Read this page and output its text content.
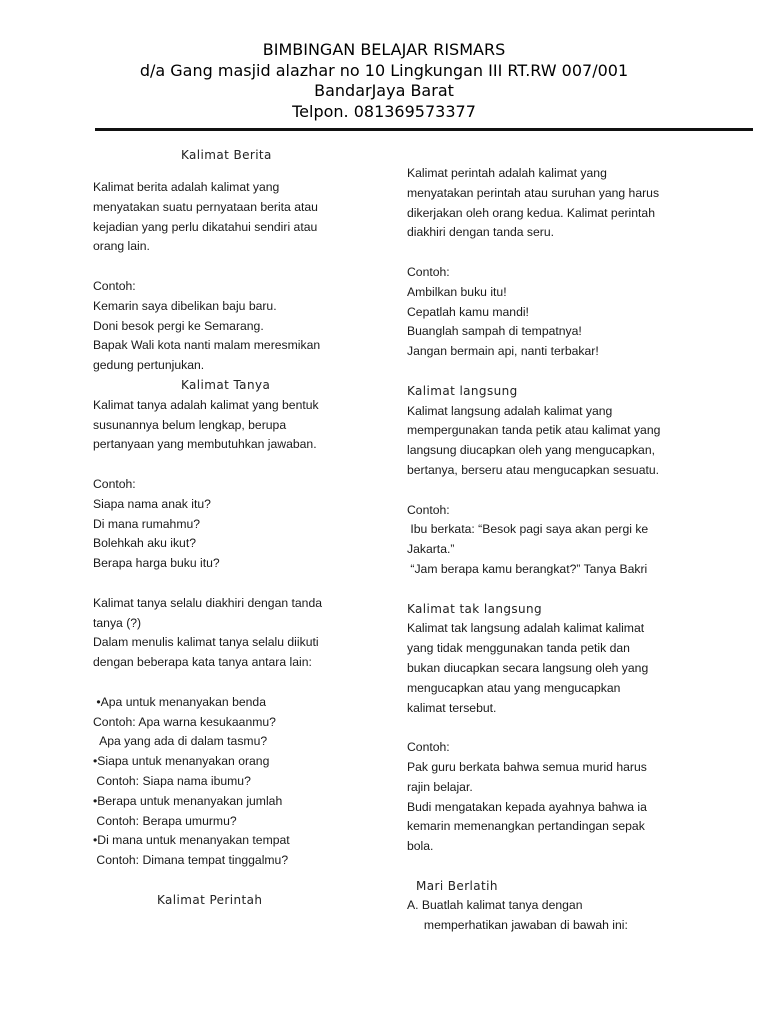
BIMBINGAN BELAJAR RISMARS
d/a Gang masjid alazhar no 10 Lingkungan III RT.RW 007/001
BandarJaya Barat
Telpon. 081369573377
Kalimat Berita
Kalimat berita adalah kalimat yang
menyatakan suatu pernyataan berita atau
kejadian yang perlu dikatahui sendiri atau
orang lain.
Contoh:
Kemarin saya dibelikan baju baru.
Doni besok pergi ke Semarang.
Bapak Wali kota nanti malam meresmikan
gedung pertunjukan.
Kalimat Tanya
Kalimat tanya adalah kalimat yang bentuk
susunannya belum lengkap, berupa
pertanyaan yang membutuhkan jawaban.
Contoh:
Siapa nama anak itu?
Di mana rumahmu?
Bolehkah aku ikut?
Berapa harga buku itu?
Kalimat tanya selalu diakhiri dengan tanda
tanya (?)
Dalam menulis kalimat tanya selalu diikuti
dengan beberapa kata tanya antara lain:
•Apa untuk menanyakan benda
Contoh: Apa warna kesukaanmu?
Apa yang ada di dalam tasmu?
•Siapa untuk menanyakan orang
Contoh: Siapa nama ibumu?
•Berapa untuk menanyakan jumlah
Contoh: Berapa umurmu?
•Di mana untuk menanyakan tempat
Contoh: Dimana tempat tinggalmu?
Kalimat Perintah
Kalimat perintah adalah kalimat yang
menyatakan perintah atau suruhan yang harus
dikerjakan oleh orang kedua. Kalimat perintah
diakhiri dengan tanda seru.
Contoh:
Ambilkan buku itu!
Cepatlah kamu mandi!
Buanglah sampah di tempatnya!
Jangan bermain api, nanti terbakar!
Kalimat langsung
Kalimat langsung adalah kalimat yang
mempergunakan tanda petik atau kalimat yang
langsung diucapkan oleh yang mengucapkan,
bertanya, berseru atau mengucapkan sesuatu.
Contoh:
Ibu berkata: “Besok pagi saya akan pergi ke
Jakarta.”
“Jam berapa kamu berangkat?” Tanya Bakri
Kalimat tak langsung
Kalimat tak langsung adalah kalimat kalimat
yang tidak menggunakan tanda petik dan
bukan diucapkan secara langsung oleh yang
mengucapkan atau yang mengucapkan
kalimat tersebut.
Contoh:
Pak guru berkata bahwa semua murid harus
rajin belajar.
Budi mengatakan kepada ayahnya bahwa ia
kemarin memenangkan pertandingan sepak
bola.
Mari Berlatih
A. Buatlah kalimat tanya dengan
memperhatikan jawaban di bawah ini:
